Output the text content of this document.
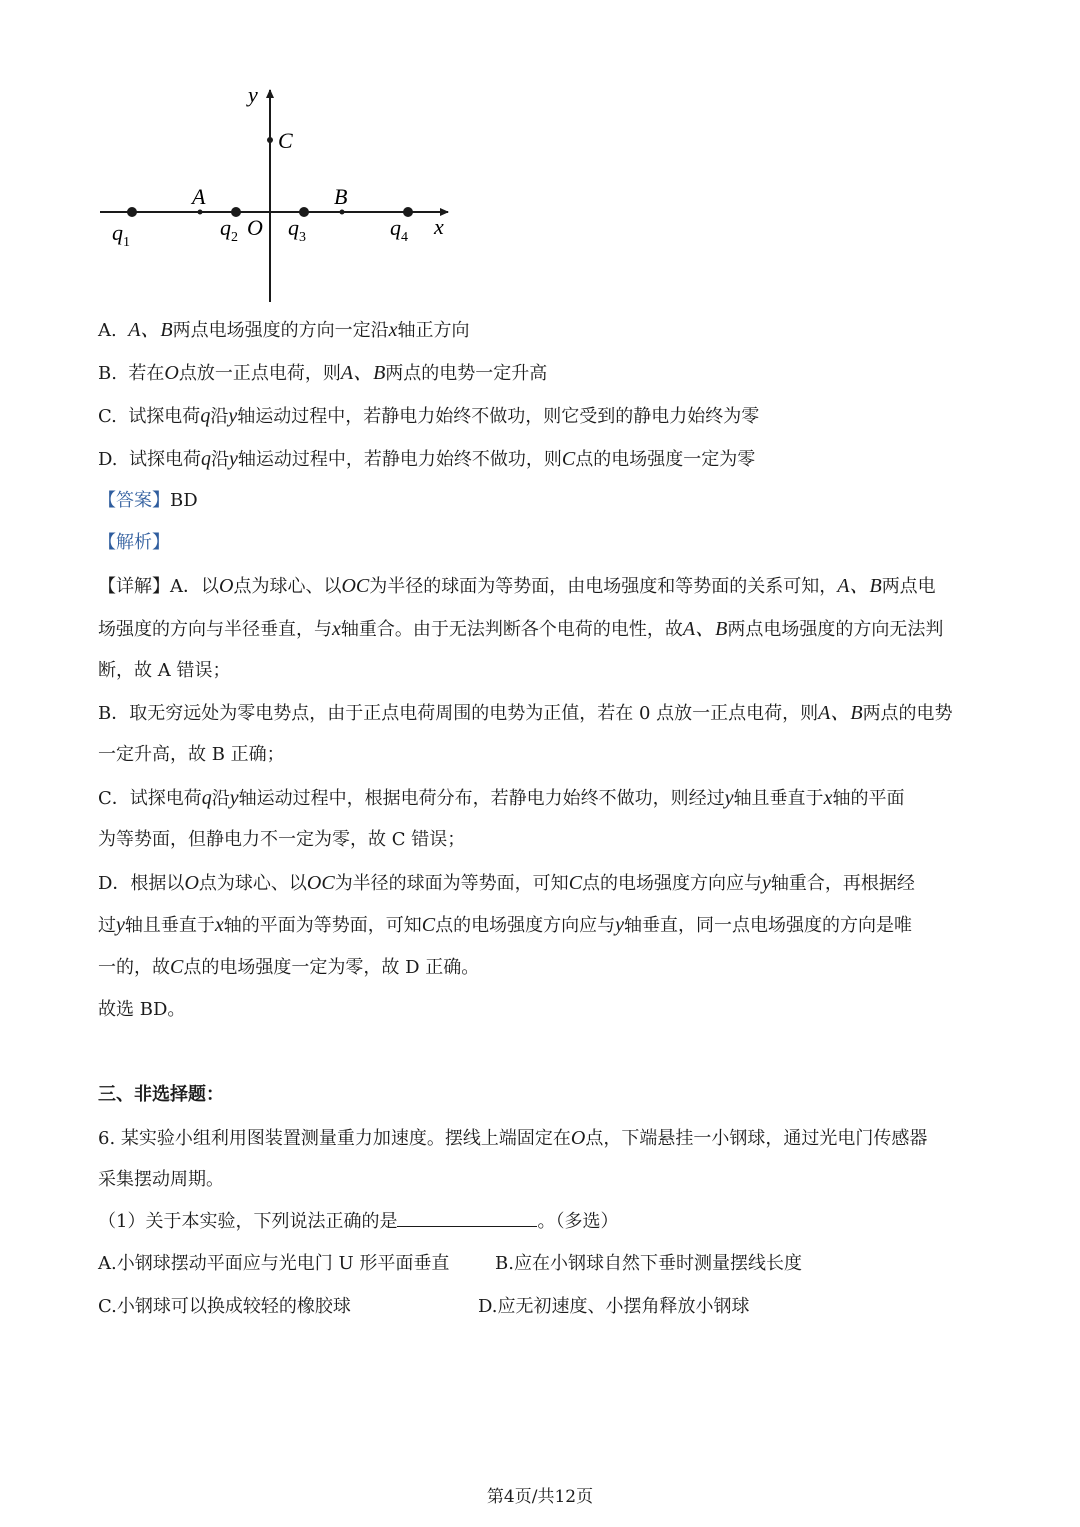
y
x
O
C
A	B
$q_1$
$q_2$ $q_3$	$q_4$
A. A、B两点电场强度的方向一定沿x轴正方向
B. 若在O点放一正点电荷，则A、B两点的电势一定升高
C. 试探电荷q沿y轴运动过程中，若静电力始终不做功，则它受到的静电力始终为零
D. 试探电荷q沿y轴运动过程中，若静电力始终不做功，则C点的电场强度一定为零
【答案】BD
【解析】
【详解】A．以O点为球心、以OC为半径的球面为等势面，由电场强度和等势面的关系可知，A、B两点电
场强度的方向与半径垂直，与x轴重合。由于无法判断各个电荷的电性，故A、B两点电场强度的方向无法判
断，故 A 错误；
B．取无穷远处为零电势点，由于正点电荷周围的电势为正值，若在 0 点放一正点电荷，则A、B两点的电势
一定升高，故 B 正确；
C．试探电荷q沿y轴运动过程中，根据电荷分布，若静电力始终不做功，则经过y轴且垂直于x轴的平面
为等势面，但静电力不一定为零，故 C 错误；
D．根据以O点为球心、以OC为半径的球面为等势面，可知C点的电场强度方向应与y轴重合，再根据经
过y轴且垂直于x轴的平面为等势面，可知C点的电场强度方向应与y轴垂直，同一点电场强度的方向是唯
一的，故C点的电场强度一定为零，故 D 正确。
故选 BD。
三、非选择题：
6. 某实验小组利用图装置测量重力加速度。摆线上端固定在O点，下端悬挂一小钢球，通过光电门传感器
采集摆动周期。
（1）关于本实验，下列说法正确的是	。（多选）
A.小钢球摆动平面应与光电门 U 形平面垂直	B.应在小钢球自然下垂时测量摆线长度
C.小钢球可以换成较轻的橡胶球	D.应无初速度、小摆角释放小钢球
第4页/共12页
